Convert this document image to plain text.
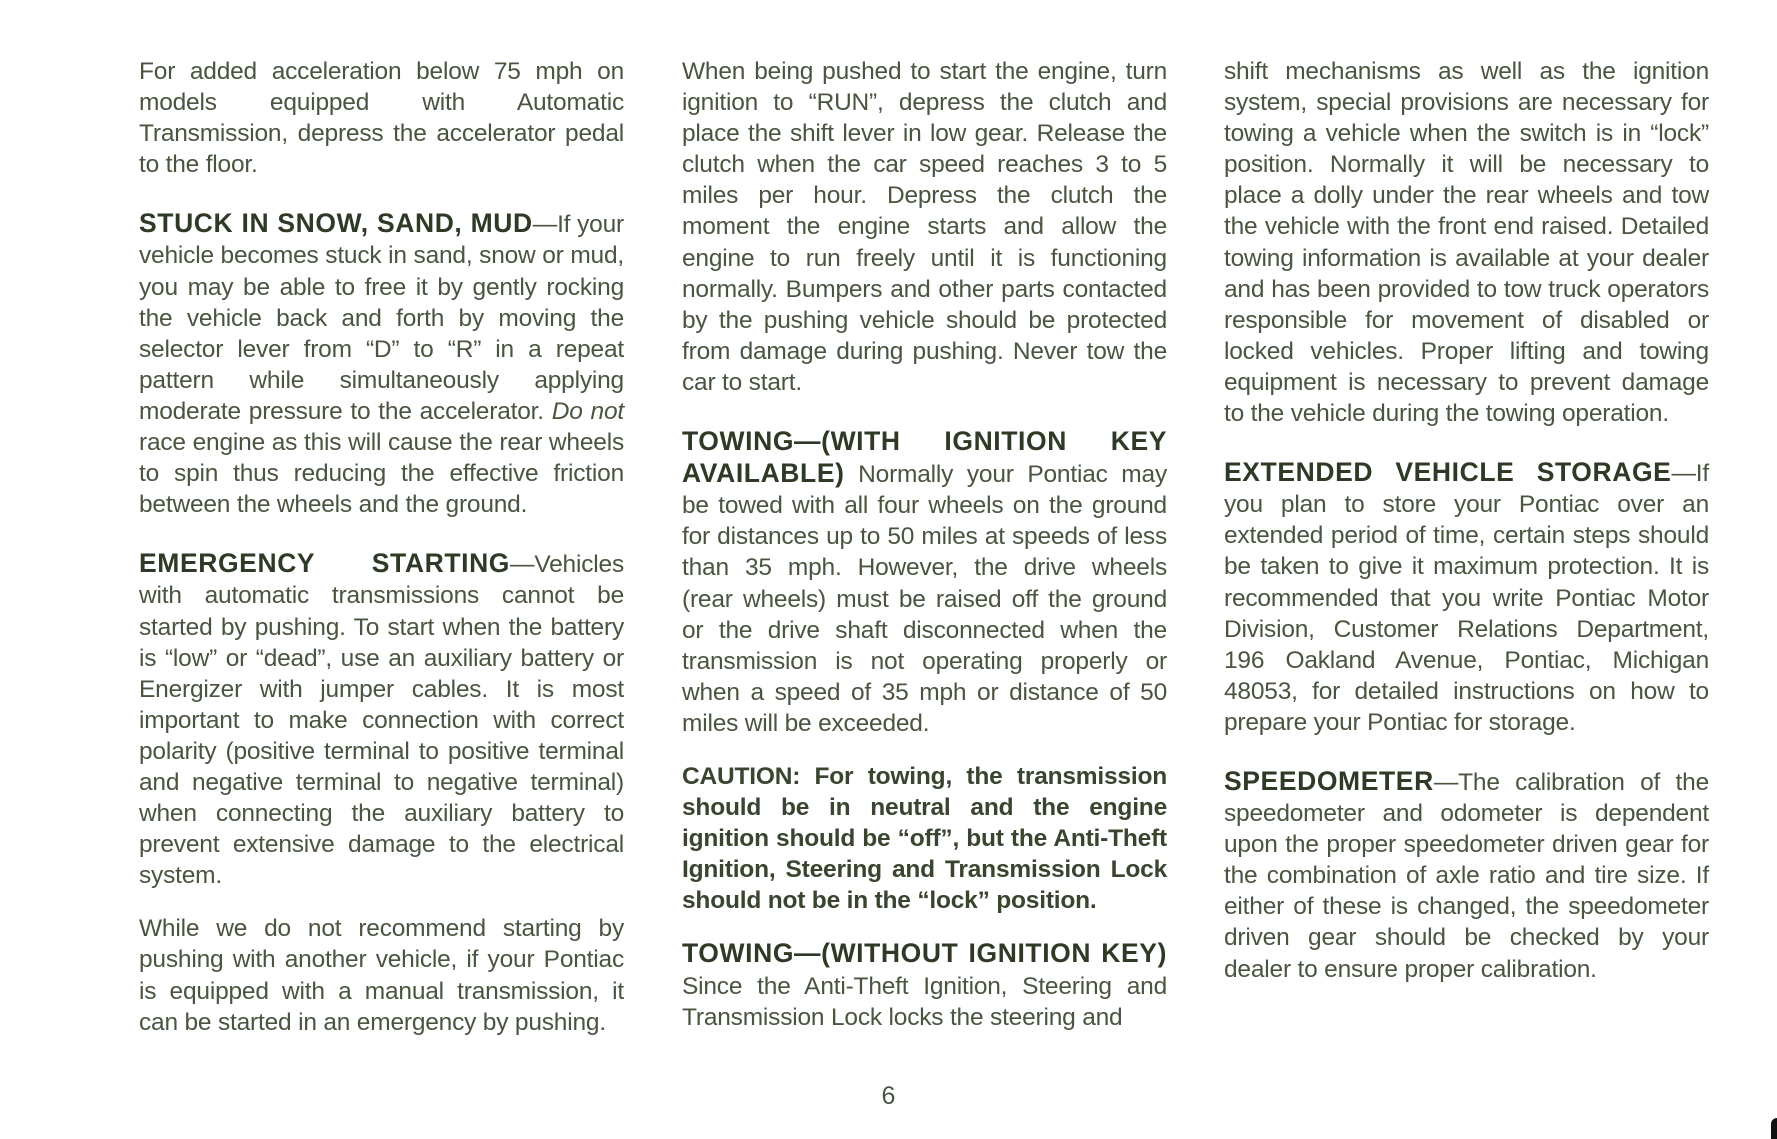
For added acceleration below 75 mph on models equipped with Automatic Transmission, depress the accelerator pedal to the floor.

STUCK IN SNOW, SAND, MUD—If your vehicle becomes stuck in sand, snow or mud, you may be able to free it by gently rocking the vehicle back and forth by moving the selector lever from “D” to “R” in a repeat pattern while simultaneously applying moderate pressure to the accelerator. Do not race engine as this will cause the rear wheels to spin thus reducing the effective friction between the wheels and the ground.

EMERGENCY STARTING—Vehicles with automatic transmissions cannot be started by pushing. To start when the battery is “low” or “dead”, use an auxiliary battery or Energizer with jumper cables. It is most important to make connection with correct polarity (positive terminal to positive terminal and negative terminal to negative terminal) when connecting the auxiliary battery to prevent extensive damage to the electrical system.

While we do not recommend starting by pushing with another vehicle, if your Pontiac is equipped with a manual transmission, it can be started in an emergency by pushing.

When being pushed to start the engine, turn ignition to “RUN”, depress the clutch and place the shift lever in low gear. Release the clutch when the car speed reaches 3 to 5 miles per hour. Depress the clutch the moment the engine starts and allow the engine to run freely until it is functioning normally. Bumpers and other parts contacted by the pushing vehicle should be protected from damage during pushing. Never tow the car to start.

TOWING—(WITH IGNITION KEY AVAILABLE) Normally your Pontiac may be towed with all four wheels on the ground for distances up to 50 miles at speeds of less than 35 mph. However, the drive wheels (rear wheels) must be raised off the ground or the drive shaft disconnected when the transmission is not operating properly or when a speed of 35 mph or distance of 50 miles will be exceeded.

CAUTION: For towing, the transmission should be in neutral and the engine ignition should be “off”, but the Anti-Theft Ignition, Steering and Transmission Lock should not be in the “lock” position.

TOWING—(WITHOUT IGNITION KEY) Since the Anti-Theft Ignition, Steering and Transmission Lock locks the steering and

shift mechanisms as well as the ignition system, special provisions are necessary for towing a vehicle when the switch is in “lock” position. Normally it will be necessary to place a dolly under the rear wheels and tow the vehicle with the front end raised. Detailed towing information is available at your dealer and has been provided to tow truck operators responsible for movement of disabled or locked vehicles. Proper lifting and towing equipment is necessary to prevent damage to the vehicle during the towing operation.

EXTENDED VEHICLE STORAGE—If you plan to store your Pontiac over an extended period of time, certain steps should be taken to give it maximum protection. It is recommended that you write Pontiac Motor Division, Customer Relations Department, 196 Oakland Avenue, Pontiac, Michigan 48053, for detailed instructions on how to prepare your Pontiac for storage.

SPEEDOMETER—The calibration of the speedometer and odometer is dependent upon the proper speedometer driven gear for the combination of axle ratio and tire size. If either of these is changed, the speedometer driven gear should be checked by your dealer to ensure proper calibration.

6
